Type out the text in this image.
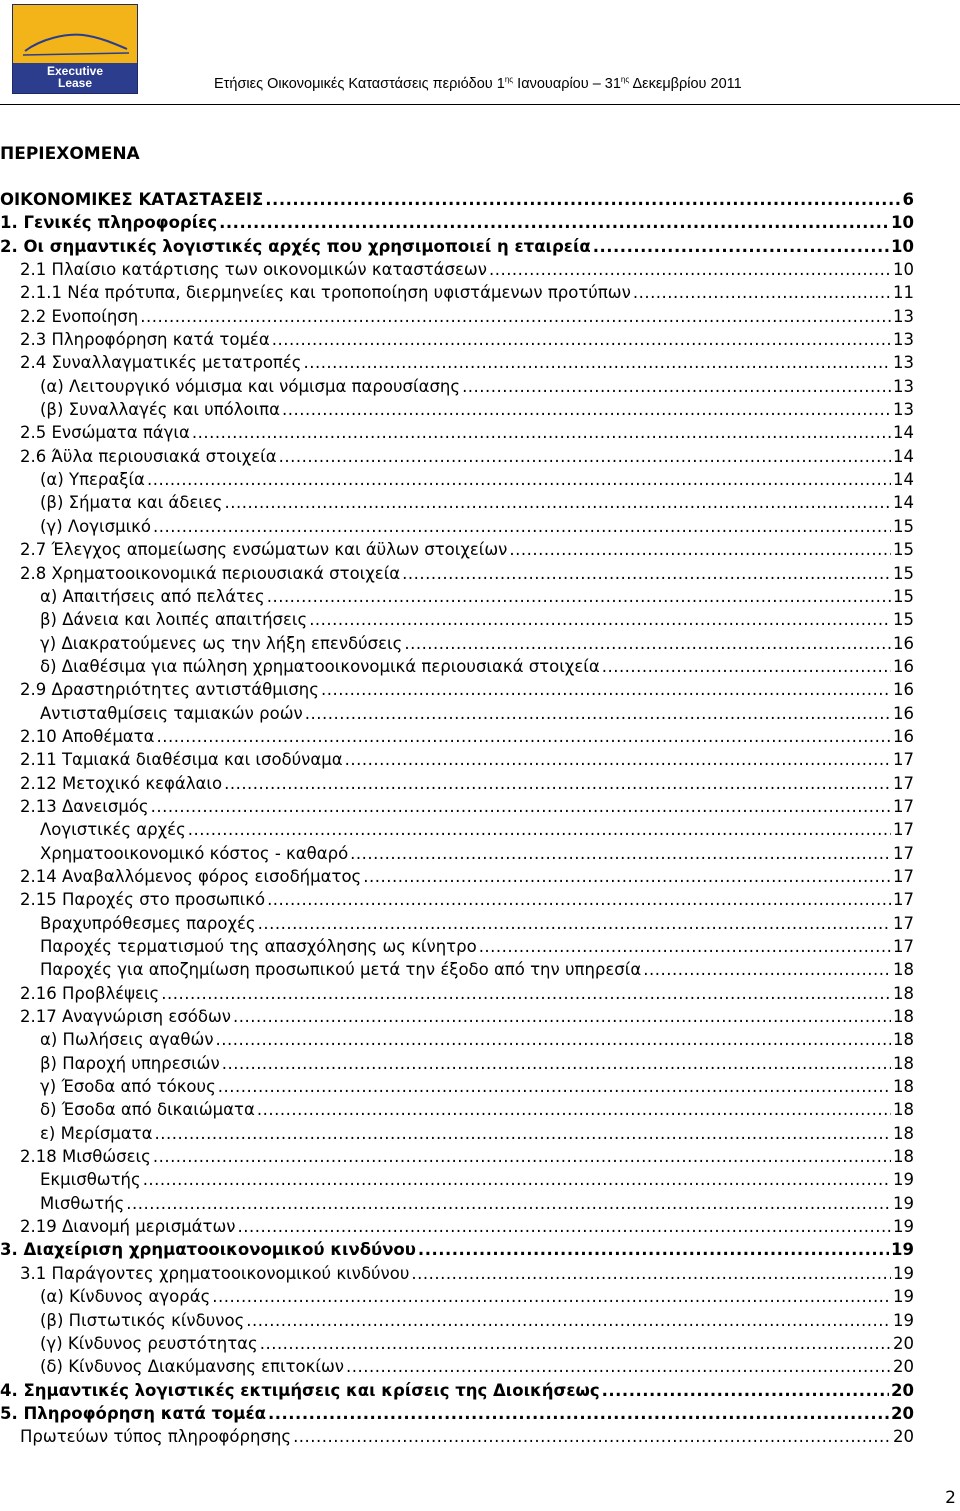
Executive
Lease	Ετήσιες Οικονομικές Καταστάσεις περιόδου $1^{\eta\varsigma}$ Ιανουαρίου – $31^{\eta\varsigma}$ Δεκεμβρίου 2011
ΠΕΡΙΕΧΟΜΕΝΑ
ΟΙΚΟΝΟΜΙΚΕΣ ΚΑΤΑΣΤΑΣΕΙΣ .....	6
1. Γενικές πληροφορίες .....	10
2. Οι σημαντικές λογιστικές αρχές που χρησιμοποιεί η εταιρεία .....	10
2.1 Πλαίσιο κατάρτισης των οικονομικών καταστάσεων .....	10
2.1.1 Νέα πρότυπα, διερμηνείες και τροποποίηση υφιστάμενων προτύπων .....	11
2.2 Ενοποίηση .....	13
2.3 Πληροφόρηση κατά τομέα .....	13
2.4 Συναλλαγματικές μετατροπές .....	13
(α) Λειτουργικό νόμισμα και νόμισμα παρουσίασης .....	13
(β) Συναλλαγές και υπόλοιπα .....	13
2.5 Ενσώματα πάγια .....	14
2.6 Άϋλα περιουσιακά στοιχεία .....	14
(α) Υπεραξία .....	14
(β) Σήματα και άδειες .....	14
(γ) Λογισμικό .....	15
2.7 Έλεγχος απομείωσης ενσώματων και άϋλων στοιχείων .....	15
2.8 Χρηματοοικονομικά περιουσιακά στοιχεία .....	15
α) Απαιτήσεις από πελάτες .....	15
β) Δάνεια και λοιπές απαιτήσεις .....	15
γ) Διακρατούμενες ως την λήξη επενδύσεις .....	16
δ) Διαθέσιμα για πώληση χρηματοοικονομικά περιουσιακά στοιχεία .....	16
2.9 Δραστηριότητες αντιστάθμισης .....	16
Αντισταθμίσεις ταμιακών ροών .....	16
2.10 Αποθέματα .....	16
2.11 Ταμιακά διαθέσιμα και ισοδύναμα .....	17
2.12 Μετοχικό κεφάλαιο .....	17
2.13 Δανεισμός .....	17
Λογιστικές αρχές .....	17
Χρηματοοικονομικό κόστος - καθαρό .....	17
2.14 Αναβαλλόμενος φόρος εισοδήματος .....	17
2.15 Παροχές στο προσωπικό .....	17
Βραχυπρόθεσμες παροχές .....	17
Παροχές τερματισμού της απασχόλησης ως κίνητρο .....	17
Παροχές για αποζημίωση προσωπικού μετά την έξοδο από την υπηρεσία .....	18
2.16 Προβλέψεις .....	18
2.17 Αναγνώριση εσόδων .....	18
α) Πωλήσεις αγαθών .....	18
β) Παροχή υπηρεσιών .....	18
γ) Έσοδα από τόκους .....	18
δ) Έσοδα από δικαιώματα .....	18
ε) Μερίσματα .....	18
2.18 Μισθώσεις .....	18
Εκμισθωτής .....	19
Μισθωτής .....	19
2.19 Διανομή μερισμάτων .....	19
3. Διαχείριση χρηματοοικονομικού κινδύνου .....	19
3.1 Παράγοντες χρηματοοικονομικού κινδύνου .....	19
(α) Κίνδυνος αγοράς .....	19
(β) Πιστωτικός κίνδυνος .....	19
(γ) Κίνδυνος ρευστότητας .....	20
(δ) Κίνδυνος Διακύμανσης επιτοκίων .....	20
4. Σημαντικές λογιστικές εκτιμήσεις και κρίσεις της Διοικήσεως .....	20
5. Πληροφόρηση κατά τομέα .....	20
Πρωτεύων τύπος πληροφόρησης .....	20
2
